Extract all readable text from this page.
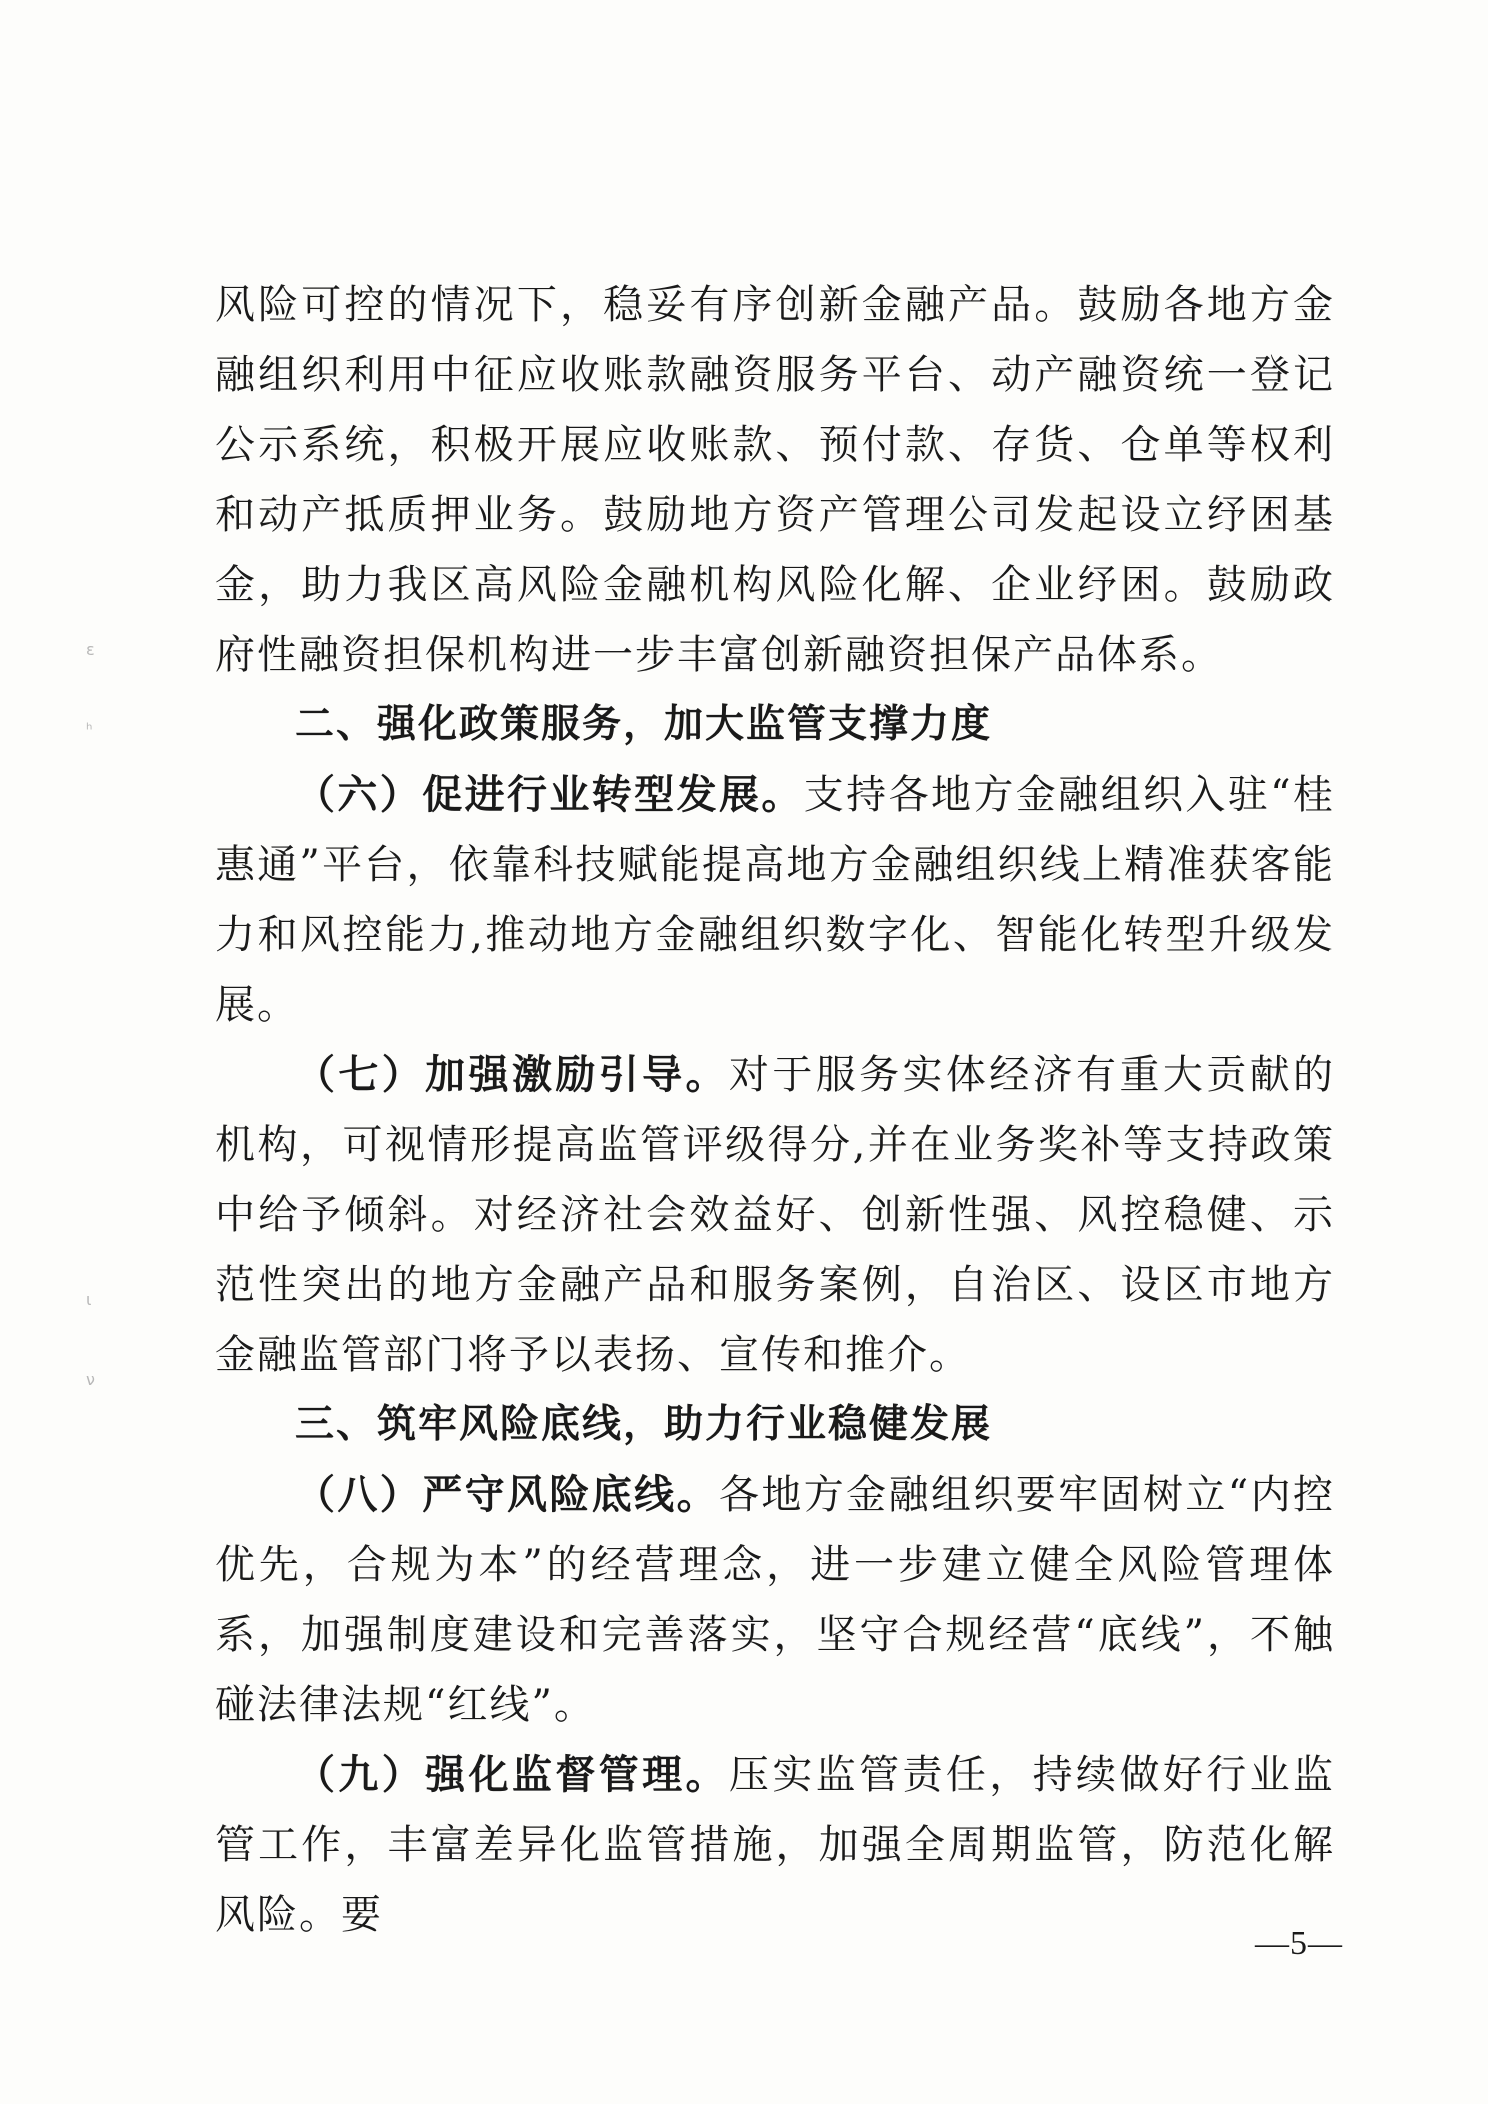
ε
ʰ
ι
ν

风险可控的情况下，稳妥有序创新金融产品。鼓励各地方金融组织利用中征应收账款融资服务平台、动产融资统一登记公示系统，积极开展应收账款、预付款、存货、仓单等权利和动产抵质押业务。鼓励地方资产管理公司发起设立纾困基金，助力我区高风险金融机构风险化解、企业纾困。鼓励政府性融资担保机构进一步丰富创新融资担保产品体系。

二、强化政策服务，加大监管支撑力度

（六）促进行业转型发展。支持各地方金融组织入驻“桂惠通”平台，依靠科技赋能提高地方金融组织线上精准获客能力和风控能力,推动地方金融组织数字化、智能化转型升级发展。

（七）加强激励引导。对于服务实体经济有重大贡献的机构，可视情形提高监管评级得分,并在业务奖补等支持政策中给予倾斜。对经济社会效益好、创新性强、风控稳健、示范性突出的地方金融产品和服务案例，自治区、设区市地方金融监管部门将予以表扬、宣传和推介。

三、筑牢风险底线，助力行业稳健发展

（八）严守风险底线。各地方金融组织要牢固树立“内控优先，合规为本”的经营理念，进一步建立健全风险管理体系，加强制度建设和完善落实，坚守合规经营“底线”，不触碰法律法规“红线”。

（九）强化监督管理。压实监管责任，持续做好行业监管工作，丰富差异化监管措施，加强全周期监管，防范化解风险。要

—5—
